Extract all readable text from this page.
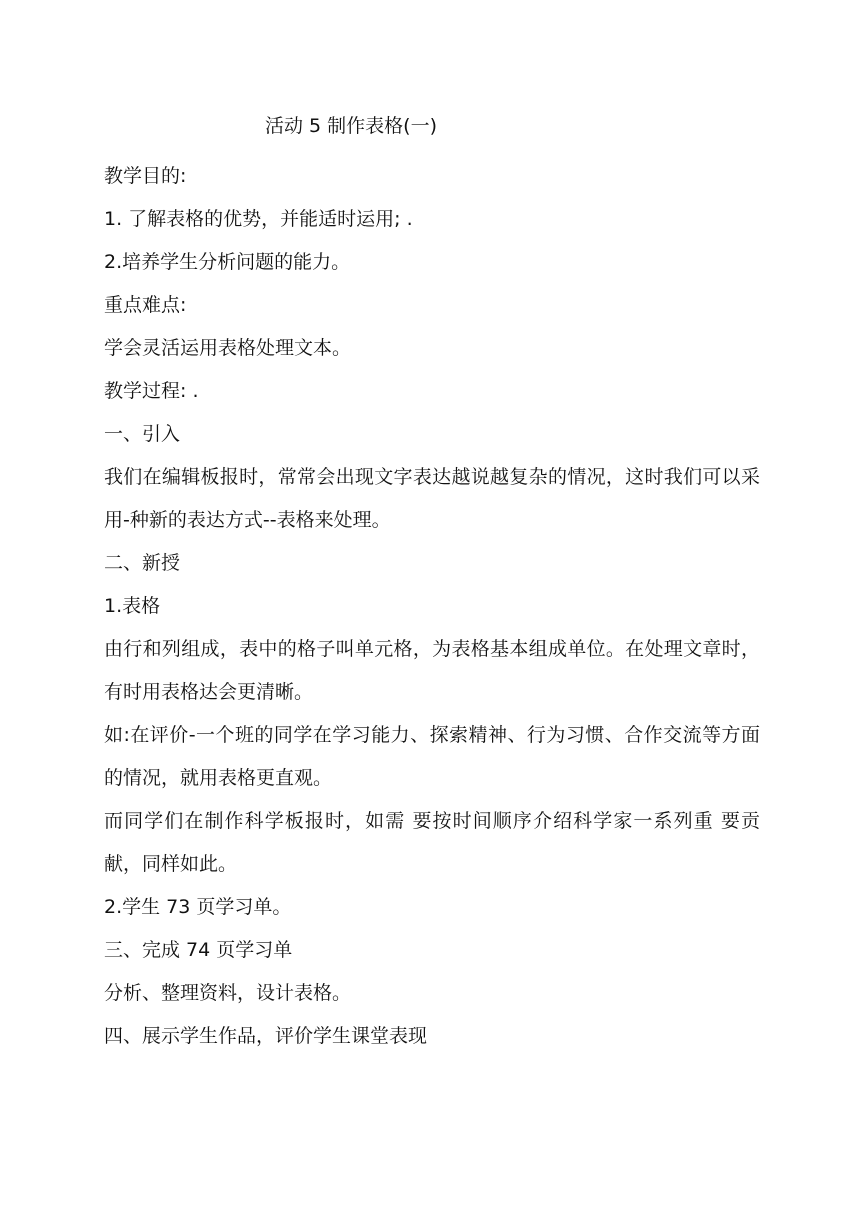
活动 5 制作表格(一)

教学目的:

1. 了解表格的优势，并能适时运用; .

2.培养学生分析问题的能力。

重点难点:

学会灵活运用表格处理文本。

教学过程: .

一、引入

我们在编辑板报时，常常会出现文字表达越说越复杂的情况，这时我们可以采用-种新的表达方式--表格来处理。

二、新授

1.表格

由行和列组成，表中的格子叫单元格，为表格基本组成单位。在处理文章时，有时用表格达会更清晰。

如:在评价-一个班的同学在学习能力、探索精神、行为习惯、合作交流等方面的情况，就用表格更直观。

而同学们在制作科学板报时，如需 要按时间顺序介绍科学家一系列重 要贡献，同样如此。

2.学生 73 页学习单。

三、完成 74 页学习单

分析、整理资料，设计表格。

四、展示学生作品，评价学生课堂表现
